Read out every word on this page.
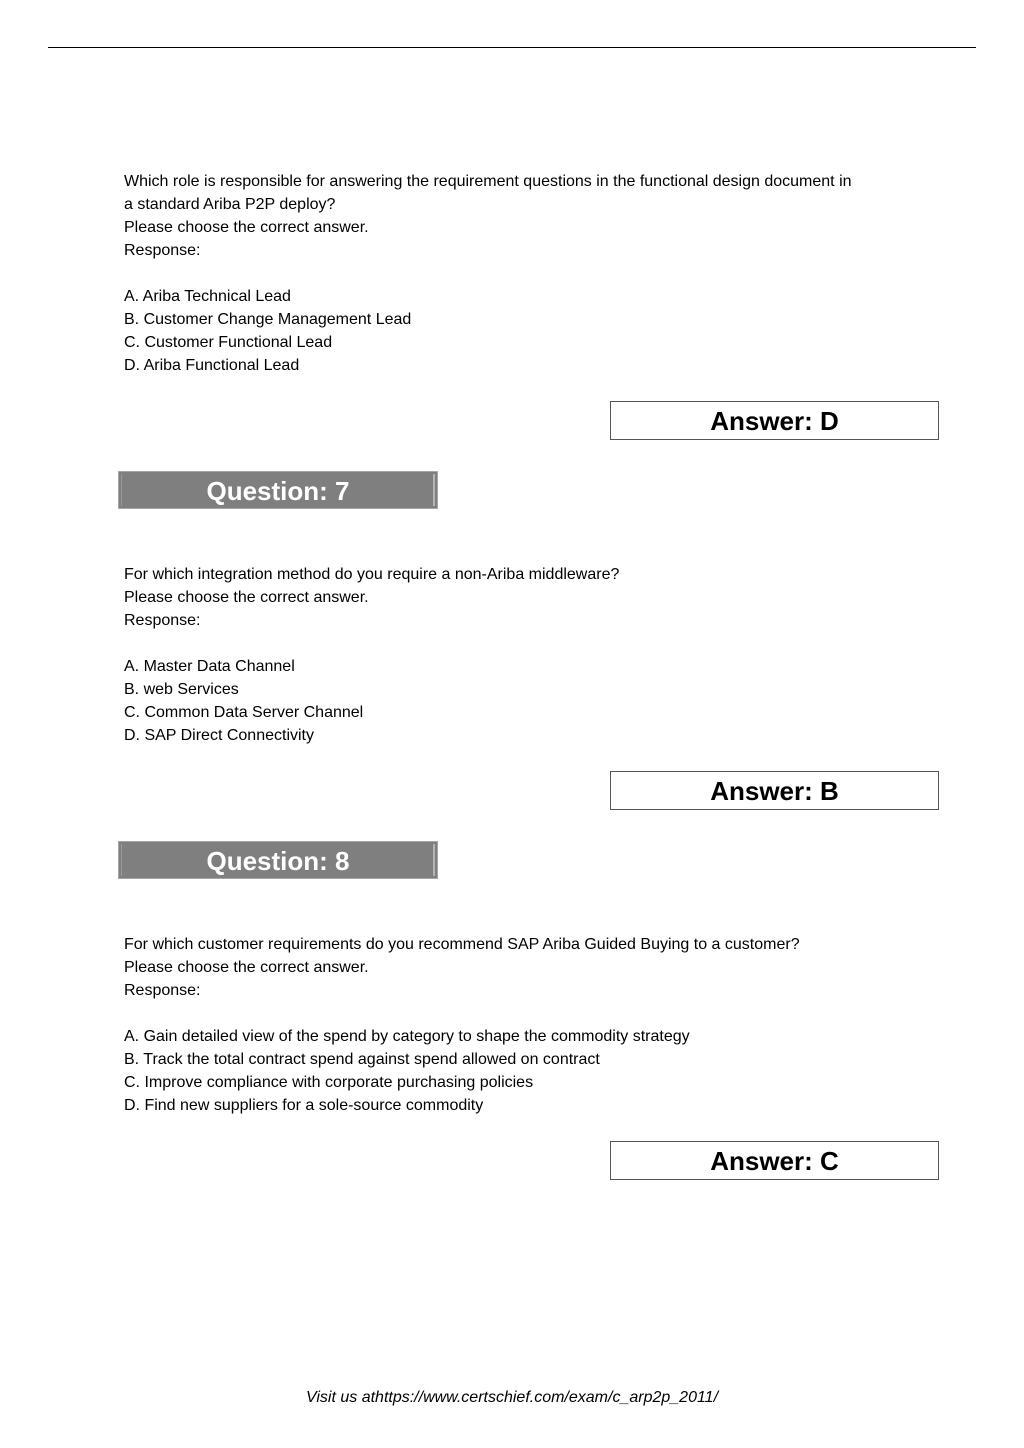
Which role is responsible for answering the requirement questions in the functional design document in
a standard Ariba P2P deploy?
Please choose the correct answer.
Response:
A. Ariba Technical Lead
B. Customer Change Management Lead
C. Customer Functional Lead
D. Ariba Functional Lead
Answer: D
Question: 7
For which integration method do you require a non-Ariba middleware?
Please choose the correct answer.
Response:
A. Master Data Channel
B. web Services
C. Common Data Server Channel
D. SAP Direct Connectivity
Answer: B
Question: 8
For which customer requirements do you recommend SAP Ariba Guided Buying to a customer?
Please choose the correct answer.
Response:
A. Gain detailed view of the spend by category to shape the commodity strategy
B. Track the total contract spend against spend allowed on contract
C. Improve compliance with corporate purchasing policies
D. Find new suppliers for a sole-source commodity
Answer: C
Visit us athttps://www.certschief.com/exam/c_arp2p_2011/
